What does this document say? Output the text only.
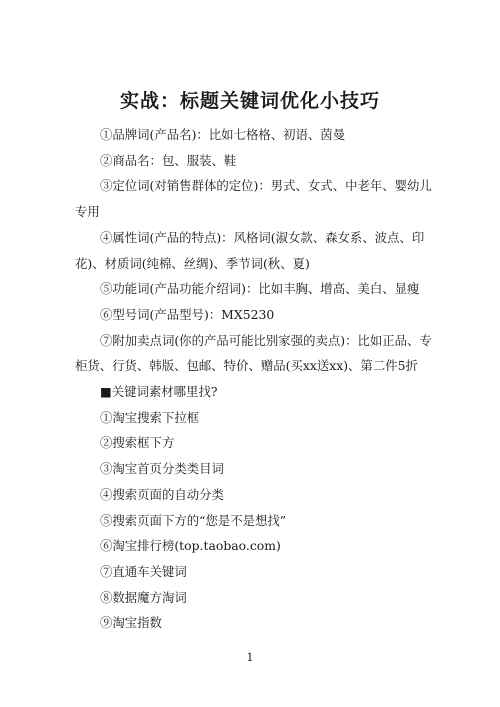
实战：标题关键词优化小技巧

①品牌词(产品名)：比如七格格、初语、茵曼

②商品名：包、服装、鞋

③定位词(对销售群体的定位)：男式、女式、中老年、婴幼儿专用

④属性词(产品的特点)：风格词(淑女款、森女系、波点、印花)、材质词(纯棉、丝绸)、季节词(秋、夏)

⑤功能词(产品功能介绍词)：比如丰胸、增高、美白、显瘦

⑥型号词(产品型号)：MX5230

⑦附加卖点词(你的产品可能比别家强的卖点)：比如正品、专柜货、行货、韩版、包邮、特价、赠品(买xx送xx)、第二件5折

■关键词素材哪里找?

①淘宝搜索下拉框

②搜索框下方

③淘宝首页分类类目词

④搜索页面的自动分类

⑤搜索页面下方的“您是不是想找”

⑥淘宝排行榜(top.taobao.com)

⑦直通车关键词

⑧数据魔方淘词

⑨淘宝指数

1
